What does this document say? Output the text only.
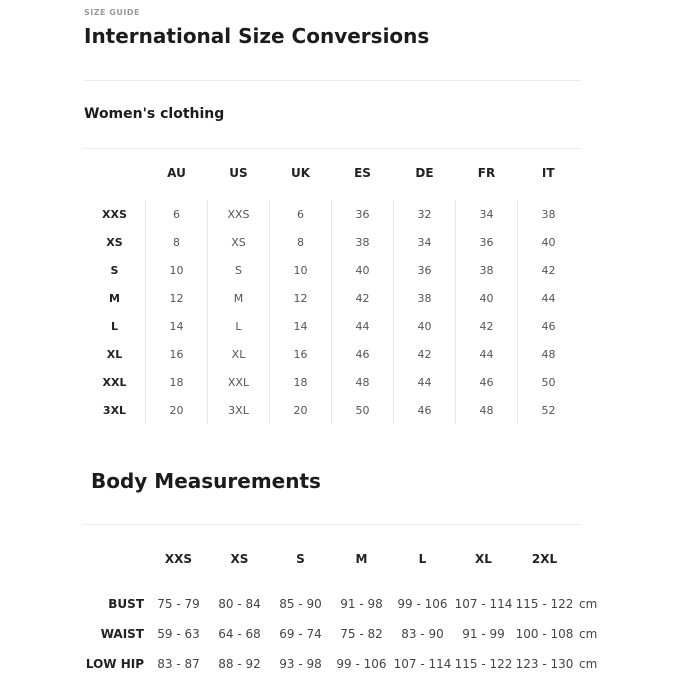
SIZE GUIDE
International Size Conversions
Women's clothing
	AU	US	UK	ES	DE	FR	IT

XXS	6	XXS	6	36	32	34	38
XS	8	XS	8	38	34	36	40
S	10	S	10	40	36	38	42
M	12	M	12	42	38	40	44
L	14	L	14	44	40	42	46
XL	16	XL	16	46	42	44	48
XXL	18	XXL	18	48	44	46	50
3XL	20	3XL	20	50	46	48	52
Body Measurements
	XXS	XS	S	M	L	XL	2XL	

BUST	75 - 79	80 - 84	85 - 90	91 - 98	99 - 106	107 - 114	115 - 122	cm
WAIST	59 - 63	64 - 68	69 - 74	75 - 82	83 - 90	91 - 99	100 - 108	cm
LOW HIP	83 - 87	88 - 92	93 - 98	99 - 106	107 - 114	115 - 122	123 - 130	cm
